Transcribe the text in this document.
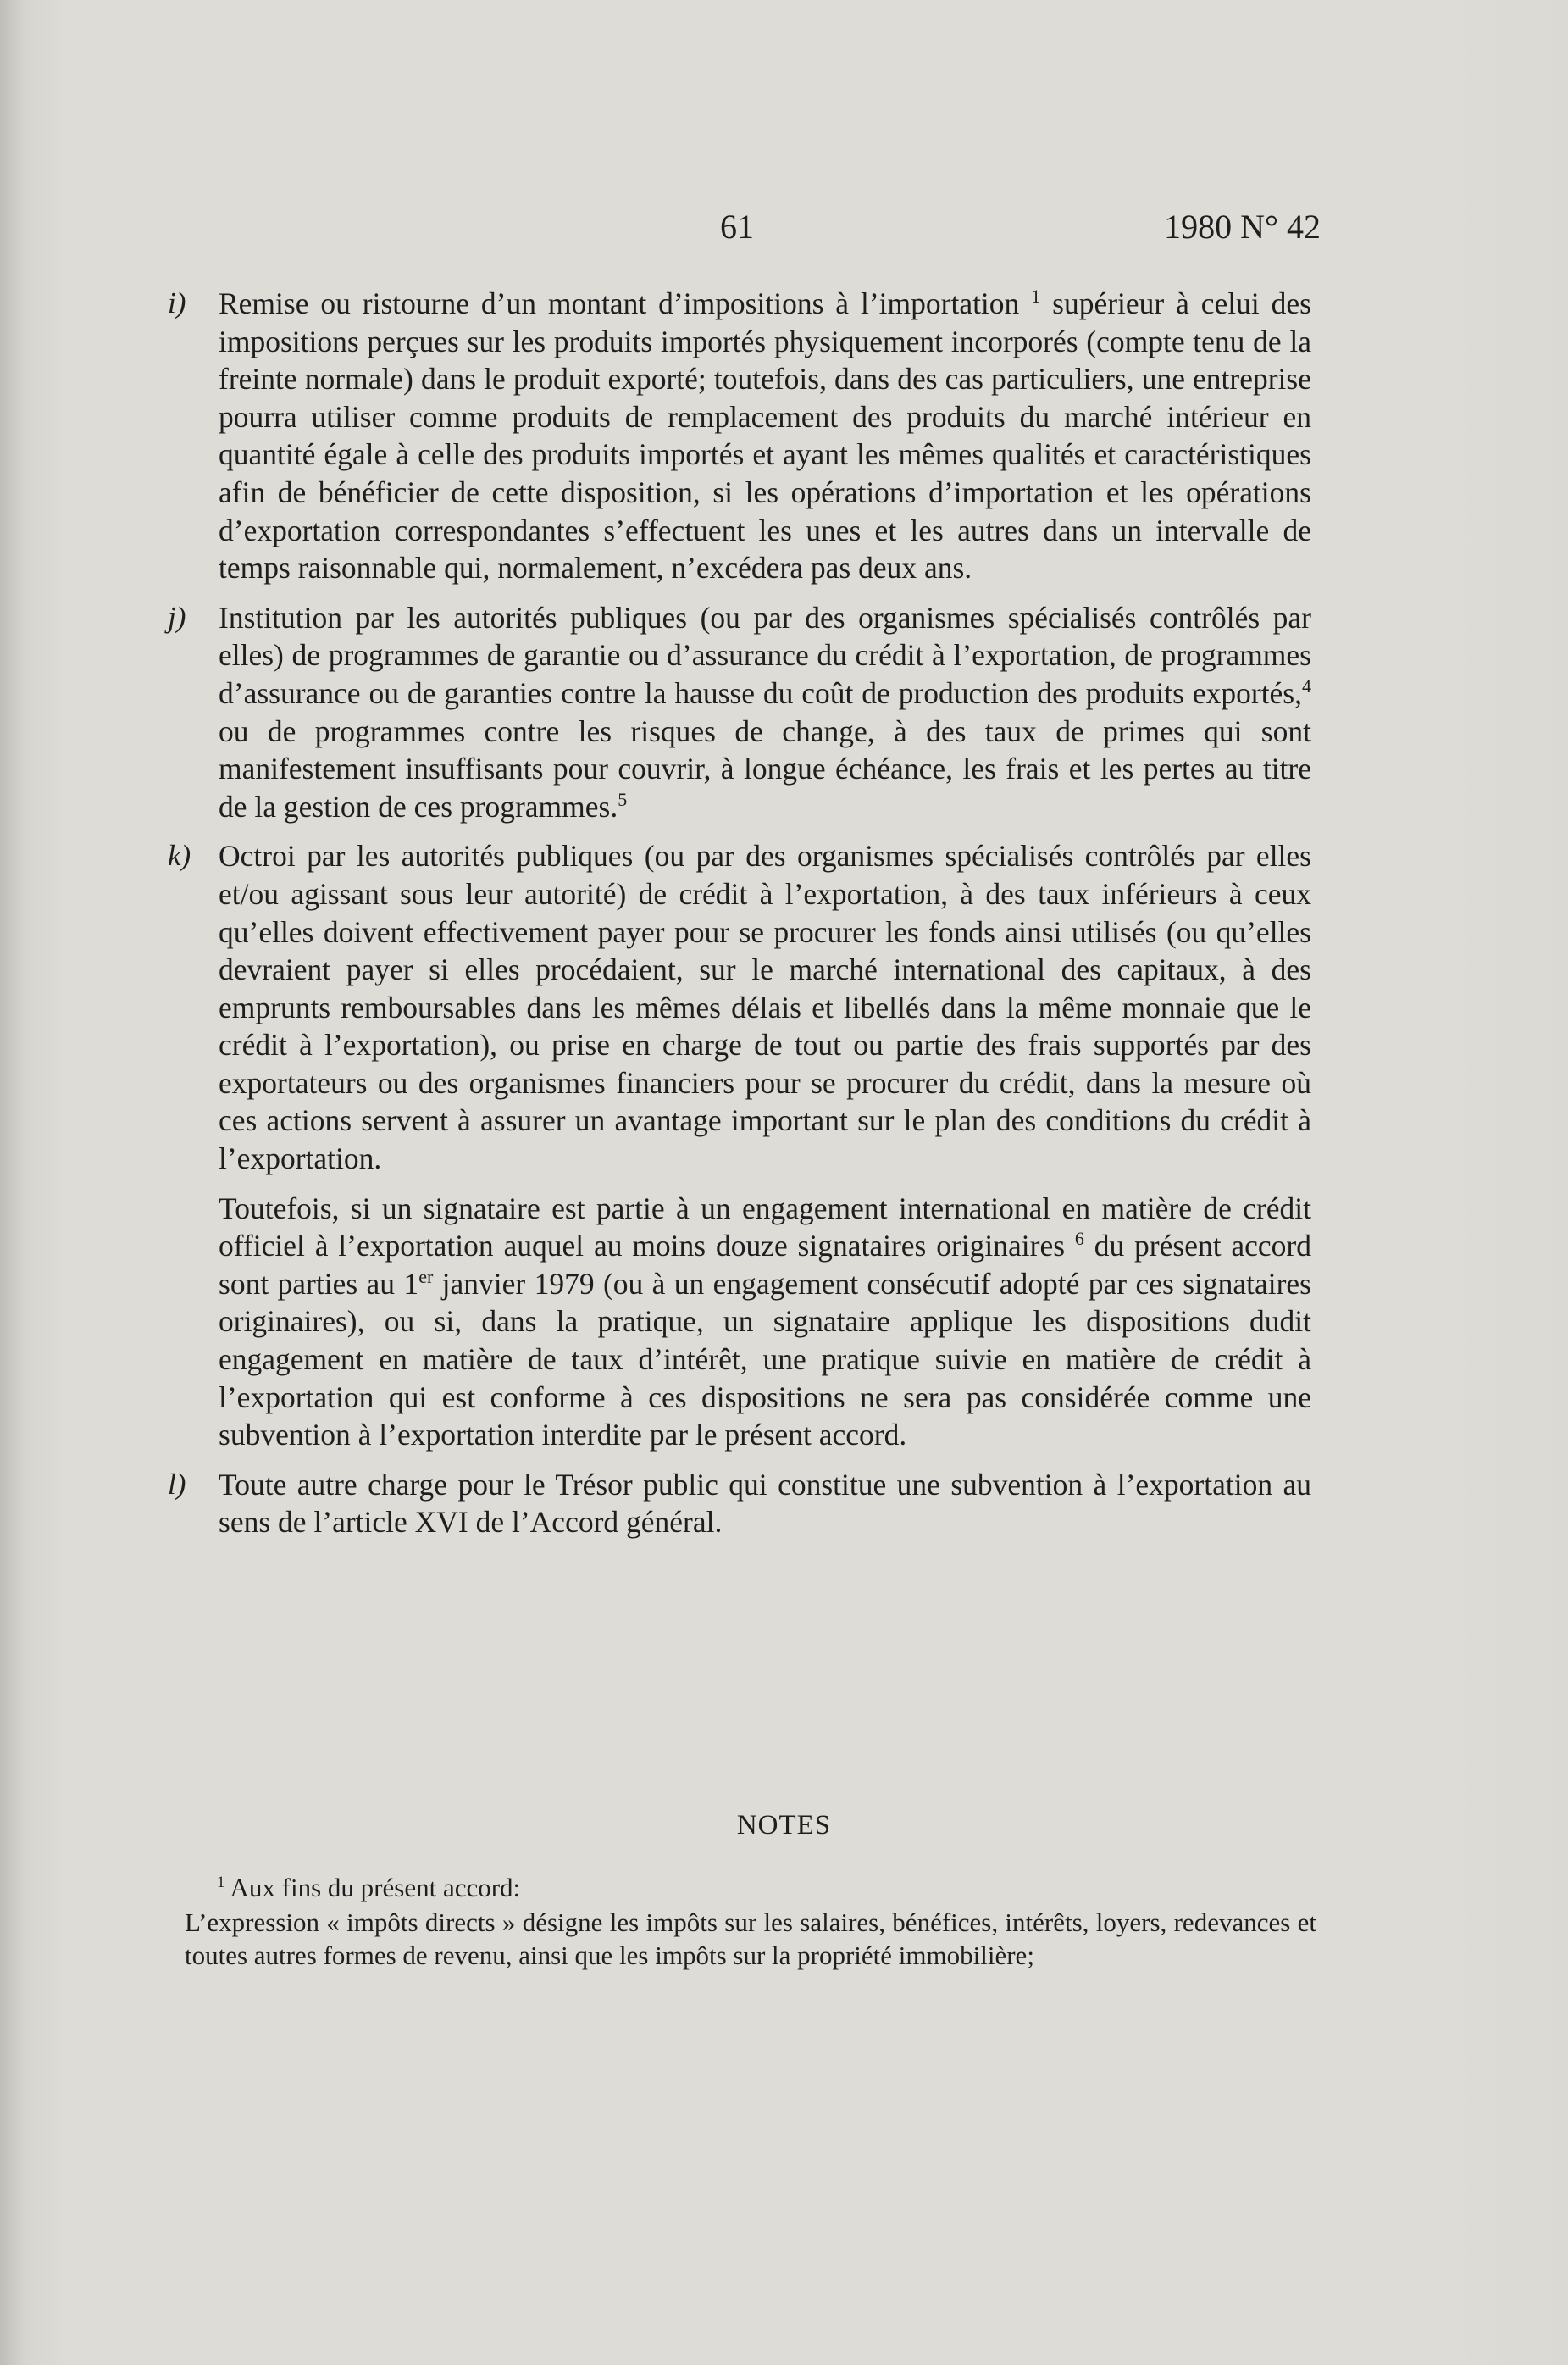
61	1980 N° 42
i) Remise ou ristourne d’un montant d’impositions à l’importation $^1$ supérieur à celui des impositions perçues sur les produits importés physiquement incorporés (compte tenu de la freinte normale) dans le produit exporté; toutefois, dans des cas particuliers, une entreprise pourra utiliser comme produits de remplacement des produits du marché intérieur en quantité égale à celle des produits importés et ayant les mêmes qualités et caractéristiques afin de bénéficier de cette disposition, si les opérations d’importation et les opérations d’exportation correspondantes s’effectuent les unes et les autres dans un intervalle de temps raisonnable qui, normalement, n’excédera pas deux ans.

j) Institution par les autorités publiques (ou par des organismes spécialisés contrôlés par elles) de programmes de garantie ou d’assurance du crédit à l’exportation, de programmes d’assurance ou de garanties contre la hausse du coût de production des produits exportés,$^4$ ou de programmes contre les risques de change, à des taux de primes qui sont manifestement insuffisants pour couvrir, à longue échéance, les frais et les pertes au titre de la gestion de ces programmes.$^5$

k) Octroi par les autorités publiques (ou par des organismes spécialisés contrôlés par elles et/ou agissant sous leur autorité) de crédit à l’exportation, à des taux inférieurs à ceux qu’elles doivent effectivement payer pour se procurer les fonds ainsi utilisés (ou qu’elles devraient payer si elles procédaient, sur le marché international des capitaux, à des emprunts remboursables dans les mêmes délais et libellés dans la même monnaie que le crédit à l’exportation), ou prise en charge de tout ou partie des frais supportés par des exportateurs ou des organismes financiers pour se procurer du crédit, dans la mesure où ces actions servent à assurer un avantage important sur le plan des conditions du crédit à l’exportation.

Toutefois, si un signataire est partie à un engagement international en matière de crédit officiel à l’exportation auquel au moins douze signataires originaires $^6$ du présent accord sont parties au 1er janvier 1979 (ou à un engagement consécutif adopté par ces signataires originaires), ou si, dans la pratique, un signataire applique les dispositions dudit engagement en matière de taux d’intérêt, une pratique suivie en matière de crédit à l’exportation qui est conforme à ces dispositions ne sera pas considérée comme une subvention à l’exportation interdite par le présent accord.

l) Toute autre charge pour le Trésor public qui constitue une subvention à l’exportation au sens de l’article XVI de l’Accord général.

NOTES

$^1$ Aux fins du présent accord:

L’expression « impôts directs » désigne les impôts sur les salaires, bénéfices, intérêts, loyers, redevances et toutes autres formes de revenu, ainsi que les impôts sur la propriété immobilière;
